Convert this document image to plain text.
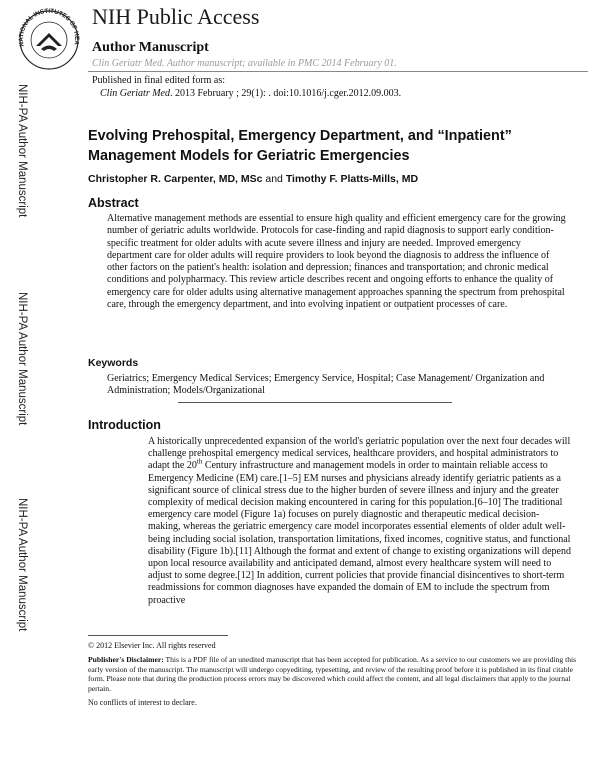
NATIONAL INSTITUTES OF HEA
NIH Public Access
Author Manuscript
Clin Geriatr Med. Author manuscript; available in PMC 2014 February 01.
Published in final edited form as:
Clin Geriatr Med. 2013 February ; 29(1): . doi:10.1016/j.cger.2012.09.003.
NIH-PA Author Manuscript
NIH-PA Author Manuscript
NIH-PA Author Manuscript
Evolving Prehospital, Emergency Department, and “Inpatient” Management Models for Geriatric Emergencies
Christopher R. Carpenter, MD, MSc and Timothy F. Platts-Mills, MD
Abstract
Alternative management methods are essential to ensure high quality and efficient emergency care for the growing number of geriatric adults worldwide. Protocols for case-finding and rapid diagnosis to support early condition-specific treatment for older adults with acute severe illness and injury are needed. Improved emergency department care for older adults will require providers to look beyond the diagnosis to address the influence of other factors on the patient's health: isolation and depression; finances and transportation; and chronic medical conditions and polypharmacy. This review article describes recent and ongoing efforts to enhance the quality of emergency care for older adults using alternative management approaches spanning the spectrum from prehospital care, through the emergency department, and into evolving inpatient or outpatient processes of care.
Keywords
Geriatrics; Emergency Medical Services; Emergency Service, Hospital; Case Management/ Organization and Administration; Models/Organizational
Introduction
A historically unprecedented expansion of the world's geriatric population over the next four decades will challenge prehospital emergency medical services, healthcare providers, and hospital administrators to adapt the 20th Century infrastructure and management models in order to maintain reliable access to Emergency Medicine (EM) care.[1–5] EM nurses and physicians already identify geriatric patients as a significant source of clinical stress due to the higher burden of severe illness and injury and the greater complexity of medical decision making encountered in caring for this population.[6–10] The traditional emergency care model (Figure 1a) focuses on purely diagnostic and therapeutic medical decision-making, whereas the geriatric emergency care model incorporates essential elements of older adult well-being including social isolation, transportation limitations, fixed incomes, cognitive status, and functional disability (Figure 1b).[11] Although the format and extent of change to existing organizations will depend upon local resource availability and anticipated demand, almost every healthcare system will need to adjust to some degree.[12] In addition, current policies that provide financial disincentives to short-term readmissions for common diagnoses have expanded the domain of EM to include the spectrum from proactive
© 2012 Elsevier Inc. All rights reserved
Publisher's Disclaimer: This is a PDF file of an unedited manuscript that has been accepted for publication. As a service to our customers we are providing this early version of the manuscript. The manuscript will undergo copyediting, typesetting, and review of the resulting proof before it is published in its final citable form. Please note that during the production process errors may be discovered which could affect the content, and all legal disclaimers that apply to the journal pertain.
No conflicts of interest to declare.
